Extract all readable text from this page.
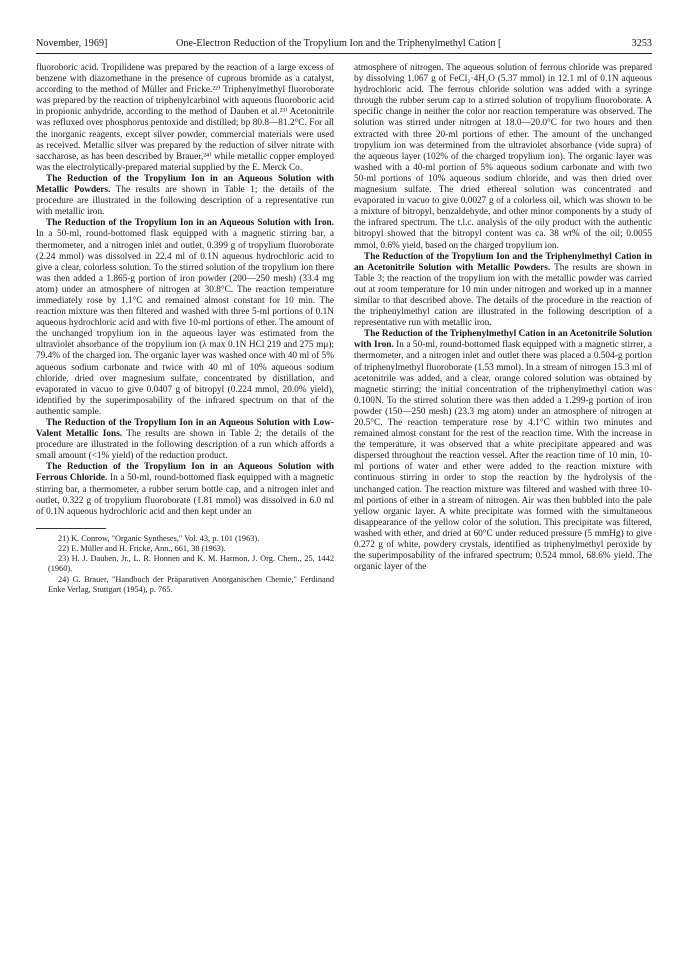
November, 1969]	One-Electron Reduction of the Tropylium Ion and the Triphenylmethyl Cation [	3253

fluoroboric acid. Tropilidene was prepared by the reaction of a large excess of benzene with diazomethane in the presence of cuprous bromide as a catalyst, according to the method of Müller and Fricke.²²⁾ Triphenylmethyl fluoroborate was prepared by the reaction of triphenylcarbinol with aqueous fluoroboric acid in propionic anhydride, according to the method of Dauben et al.²³⁾ Acetonitrile was refluxed over phosphorus pentoxide and distilled; bp 80.8—81.2°C. For all the inorganic reagents, except silver powder, commercial materials were used as received. Metallic silver was prepared by the reduction of silver nitrate with saccharose, as has been described by Brauer,²⁴⁾ while metallic copper employed was the electrolytically-prepared material supplied by the E. Merck Co.

The Reduction of the Tropylium Ion in an Aqueous Solution with Metallic Powders. The results are shown in Table 1; the details of the procedure are illustrated in the following description of a representative run with metallic iron.

The Reduction of the Tropylium Ion in an Aqueous Solution with Iron. In a 50-ml, round-bottomed flask equipped with a magnetic stirring bar, a thermometer, and a nitrogen inlet and outlet, 0.399 g of tropylium fluoroborate (2.24 mmol) was dissolved in 22.4 ml of 0.1N aqueous hydrochloric acid to give a clear, colorless solution. To the stirred solution of the tropylium ion there was then added a 1.865-g portion of iron powder (200—250 mesh) (33.4 mg atom) under an atmosphere of nitrogen at 30.8°C. The reaction temperature immediately rose by 1.1°C and remained almost constant for 10 min. The reaction mixture was then filtered and washed with three 5-ml portions of 0.1N aqueous hydrochloric acid and with five 10-ml portions of ether. The amount of the unchanged tropylium ion in the aqueous layer was estimated from the ultraviolet absorbance of the tropylium ion (λ max 0.1N HCl 219 and 275 mμ); 79.4% of the charged ion. The organic layer was washed once with 40 ml of 5% aqueous sodium carbonate and twice with 40 ml of 10% aqueous sodium chloride, dried over magnesium sulfate, concentrated by distillation, and evaporated in vacuo to give 0.0407 g of bitropyl (0.224 mmol, 20.0% yield), identified by the superimposability of the infrared spectrum on that of the authentic sample.

The Reduction of the Tropylium Ion in an Aqueous Solution with Low-Valent Metallic Ions. The results are shown in Table 2; the details of the procedure are illustrated in the following description of a run which affords a small amount (<1% yield) of the reduction product.

The Reduction of the Tropylium Ion in an Aqueous Solution with Ferrous Chloride. In a 50-ml, round-bottomed flask equipped with a magnetic stirring bar, a thermometer, a rubber serum bottle cap, and a nitrogen inlet and outlet, 0.322 g of tropylium fluoroborate (1.81 mmol) was dissolved in 6.0 ml of 0.1N aqueous hydrochloric acid and then kept under an

21) K. Conrow, "Organic Syntheses," Vol. 43, p. 101 (1963).

22) E. Müller and H. Fricke, Ann., 661, 38 (1963).

23) H. J. Dauben, Jr., L. R. Honnen and K. M. Harmon, J. Org. Chem., 25, 1442 (1960).

24) G. Brauer, "Handbuch der Präparativen Anorganischen Chemie," Ferdinand Enke Verlag, Stuttgart (1954), p. 765.

atmosphere of nitrogen. The aqueous solution of ferrous chloride was prepared by dissolving 1.067 g of FeCl₂·4H₂O (5.37 mmol) in 12.1 ml of 0.1N aqueous hydrochloric acid. The ferrous chloride solution was added with a syringe through the rubber serum cap to a stirred solution of tropylium fluoroborate. A specific change in neither the color nor reaction temperature was observed. The solution was stirred under nitrogen at 18.0—20.0°C for two hours and then extracted with three 20-ml portions of ether. The amount of the unchanged tropylium ion was determined from the ultraviolet absorbance (vide supra) of the aqueous layer (102% of the charged tropylium ion). The organic layer was washed with a 40-ml portion of 5% aqueous sodium carbonate and with two 50-ml portions of 10% aqueous sodium chloride, and was then dried over magnesium sulfate. The dried ethereal solution was concentrated and evaporated in vacuo to give 0.0027 g of a colorless oil, which was shown to be a mixture of bitropyl, benzaldehyde, and other minor components by a study of the infrared spectrum. The t.l.c. analysis of the oily product with the authentic bitropyl showed that the bitropyl content was ca. 38 wt% of the oil; 0.0055 mmol, 0.6% yield, based on the charged tropylium ion.

The Reduction of the Tropylium Ion and the Triphenylmethyl Cation in an Acetonitrile Solution with Metallic Powders. The results are shown in Table 3; the reaction of the tropylium ion with the metallic powder was carried out at room temperature for 10 min under nitrogen and worked up in a manner similar to that described above. The details of the procedure in the reaction of the triphenylmethyl cation are illustrated in the following description of a representative run with metallic iron.

The Reduction of the Triphenylmethyl Cation in an Acetonitrile Solution with Iron. In a 50-ml, round-bottomed flask equipped with a magnetic stirrer, a thermometer, and a nitrogen inlet and outlet there was placed a 0.504-g portion of triphenylmethyl fluoroborate (1.53 mmol). In a stream of nitrogen 15.3 ml of acetonitrile was added, and a clear, orange colored solution was obtained by magnetic stirring; the initial concentration of the triphenylmethyl cation was 0.100N. To the stirred solution there was then added a 1.299-g portion of iron powder (150—250 mesh) (23.3 mg atom) under an atmosphere of nitrogen at 20.5°C. The reaction temperature rose by 4.1°C within two minutes and remained almost constant for the rest of the reaction time. With the increase in the temperature, it was observed that a white precipitate appeared and was dispersed throughout the reaction vessel. After the reaction time of 10 min, 10-ml portions of water and ether were added to the reaction mixture with continuous stirring in order to stop the reaction by the hydrolysis of the unchanged cation. The reaction mixture was filtered and washed with three 10-ml portions of ether in a stream of nitrogen. Air was then bubbled into the pale yellow organic layer. A white precipitate was formed with the simultaneous disappearance of the yellow color of the solution. This precipitate was filtered, washed with ether, and dried at 60°C under reduced pressure (5 mmHg) to give 0.272 g of white, powdery crystals, identified as triphenylmethyl peroxide by the superimposability of the infrared spectrum; 0.524 mmol, 68.6% yield. The organic layer of the
